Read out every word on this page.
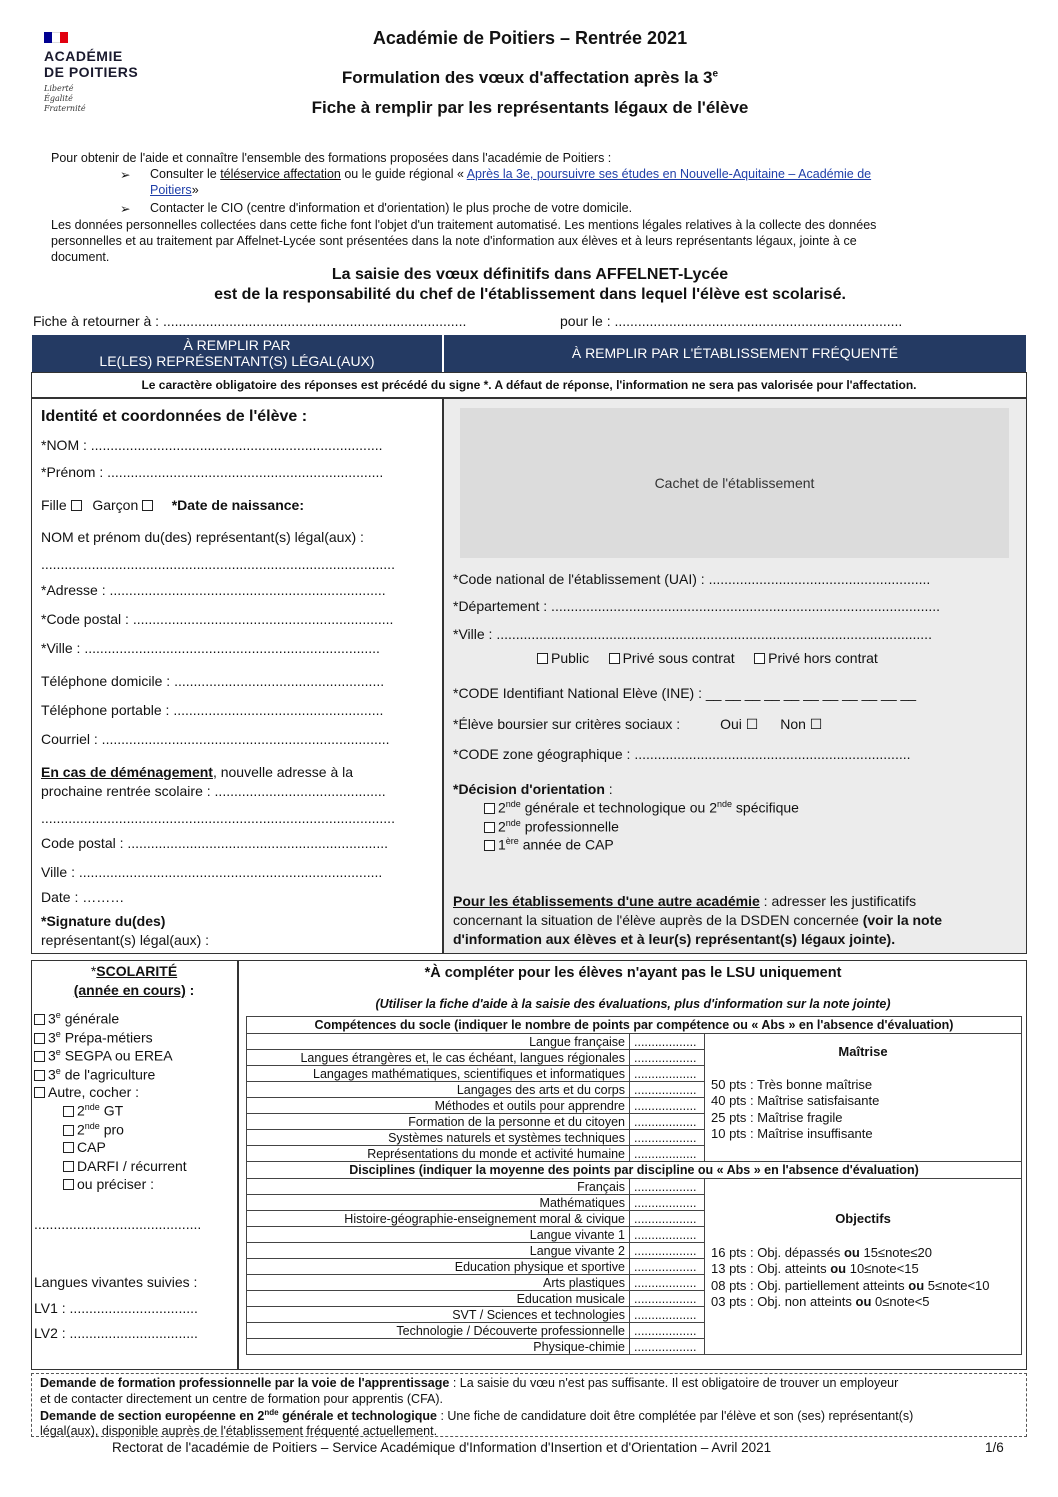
ACADÉMIE
DE POITIERS
Liberté
Égalité
Fraternité
Académie de Poitiers – Rentrée 2021
Formulation des vœux d'affectation après la 3e
Fiche à remplir par les représentants légaux de l'élève
Pour obtenir de l'aide et connaître l'ensemble des formations proposées dans l'académie de Poitiers :
➢ Consulter le téléservice affectation ou le guide régional « Après la 3e, poursuivre ses études en Nouvelle-Aquitaine – Académie de
Poitiers»
➢ Contacter le CIO (centre d'information et d'orientation) le plus proche de votre domicile.
Les données personnelles collectées dans cette fiche font l'objet d'un traitement automatisé. Les mentions légales relatives à la collecte des données
personnelles et au traitement par Affelnet-Lycée sont présentées dans la note d'information aux élèves et à leurs représentants légaux, jointe à ce
document.
La saisie des vœux définitifs dans AFFELNET-Lycée
est de la responsabilité du chef de l'établissement dans lequel l'élève est scolarisé.
Fiche à retourner à : ..............................................................................	pour le : ..........................................................................
À REMPLIR PAR
LE(LES) REPRÉSENTANT(S) LÉGAL(AUX)	À REMPLIR PAR L'ÉTABLISSEMENT FRÉQUENTÉ
Le caractère obligatoire des réponses est précédé du signe *. A défaut de réponse, l'information ne sera pas valorisée pour l'affectation.
Identité et coordonnées de l'élève :
*NOM : ...........................................................................
*Prénom : .......................................................................
Fille Garçon *Date de naissance:
NOM et prénom du(des) représentant(s) légal(aux) :
...........................................................................................
*Adresse : .......................................................................
*Code postal : ...................................................................
*Ville : ............................................................................
Téléphone domicile : ......................................................
Téléphone portable : ......................................................
Courriel : ..........................................................................
En cas de déménagement, nouvelle adresse à la
prochaine rentrée scolaire : ............................................
...........................................................................................
Code postal : ...................................................................
Ville : ..............................................................................
Date : ………
*Signature du(des)
représentant(s) légal(aux) :
Cachet de l'établissement
*Code national de l'établissement (UAI) : .........................................................
*Département : ....................................................................................................
*Ville : ................................................................................................................
Public Privé sous contrat Privé hors contrat
*CODE Identifiant National Elève (INE) : __ __ __ __ __ __ __ __ __ __ __
*Élève boursier sur critères sociaux :	Oui ☐ Non ☐
*CODE zone géographique : .......................................................................
*Décision d'orientation :
2nde générale et technologique ou 2nde spécifique
2nde professionnelle
1ère année de CAP
Pour les établissements d'une autre académie : adresser les justificatifs
concernant la situation de l'élève auprès de la DSDEN concernée (voir la note
d'information aux élèves et à leur(s) représentant(s) légaux jointe).
*SCOLARITÉ
(année en cours) :
3e générale
3e Prépa-métiers
3e SEGPA ou EREA
3e de l'agriculture
Autre, cocher :
2nde GT
2nde pro
CAP
DARFI / récurrent
ou préciser :
...........................................
Langues vivantes suivies :
LV1 : .................................
LV2 : .................................
*À compléter pour les élèves n'ayant pas le LSU uniquement
(Utiliser la fiche d'aide à la saisie des évaluations, plus d'information sur la note jointe)
Compétences du socle (indiquer le nombre de points par compétence ou « Abs » en l'absence d'évaluation)		
Langue française	..................	Maîtrise
50 pts : Très bonne maîtrise
40 pts : Maîtrise satisfaisante
25 pts : Maîtrise fragile
10 pts : Maîtrise insuffisante

Langues étrangères et, le cas échéant, langues régionales	..................	
Langages mathématiques, scientifiques et informatiques	..................	
Langages des arts et du corps	..................	
Méthodes et outils pour apprendre	..................	
Formation de la personne et du citoyen	..................	
Systèmes naturels et systèmes techniques	..................	
Représentations du monde et activité humaine	..................	
Disciplines (indiquer la moyenne des points par discipline ou « Abs » en l'absence d'évaluation)		
Français	..................	Objectifs
16 pts : Obj. dépassés ou 15≤note≤20
13 pts : Obj. atteints ou 10≤note<15
08 pts : Obj. partiellement atteints ou 5≤note<10
03 pts : Obj. non atteints ou 0≤note<5

Mathématiques	..................	
Histoire-géographie-enseignement moral & civique	..................	
Langue vivante 1	..................	
Langue vivante 2	..................	
Education physique et sportive	..................	
Arts plastiques	..................	
Education musicale	..................	
SVT / Sciences et technologies	..................	
Technologie / Découverte professionnelle	..................	
Physique-chimie	..................	
Demande de formation professionnelle par la voie de l'apprentissage : La saisie du vœu n'est pas suffisante. Il est obligatoire de trouver un employeur
et de contacter directement un centre de formation pour apprentis (CFA).
Demande de section européenne en 2nde générale et technologique : Une fiche de candidature doit être complétée par l'élève et son (ses) représentant(s)
légal(aux), disponible auprès de l'établissement fréquenté actuellement.
Rectorat de l'académie de Poitiers – Service Académique d'Information d'Insertion et d'Orientation – Avril 2021	1/6
